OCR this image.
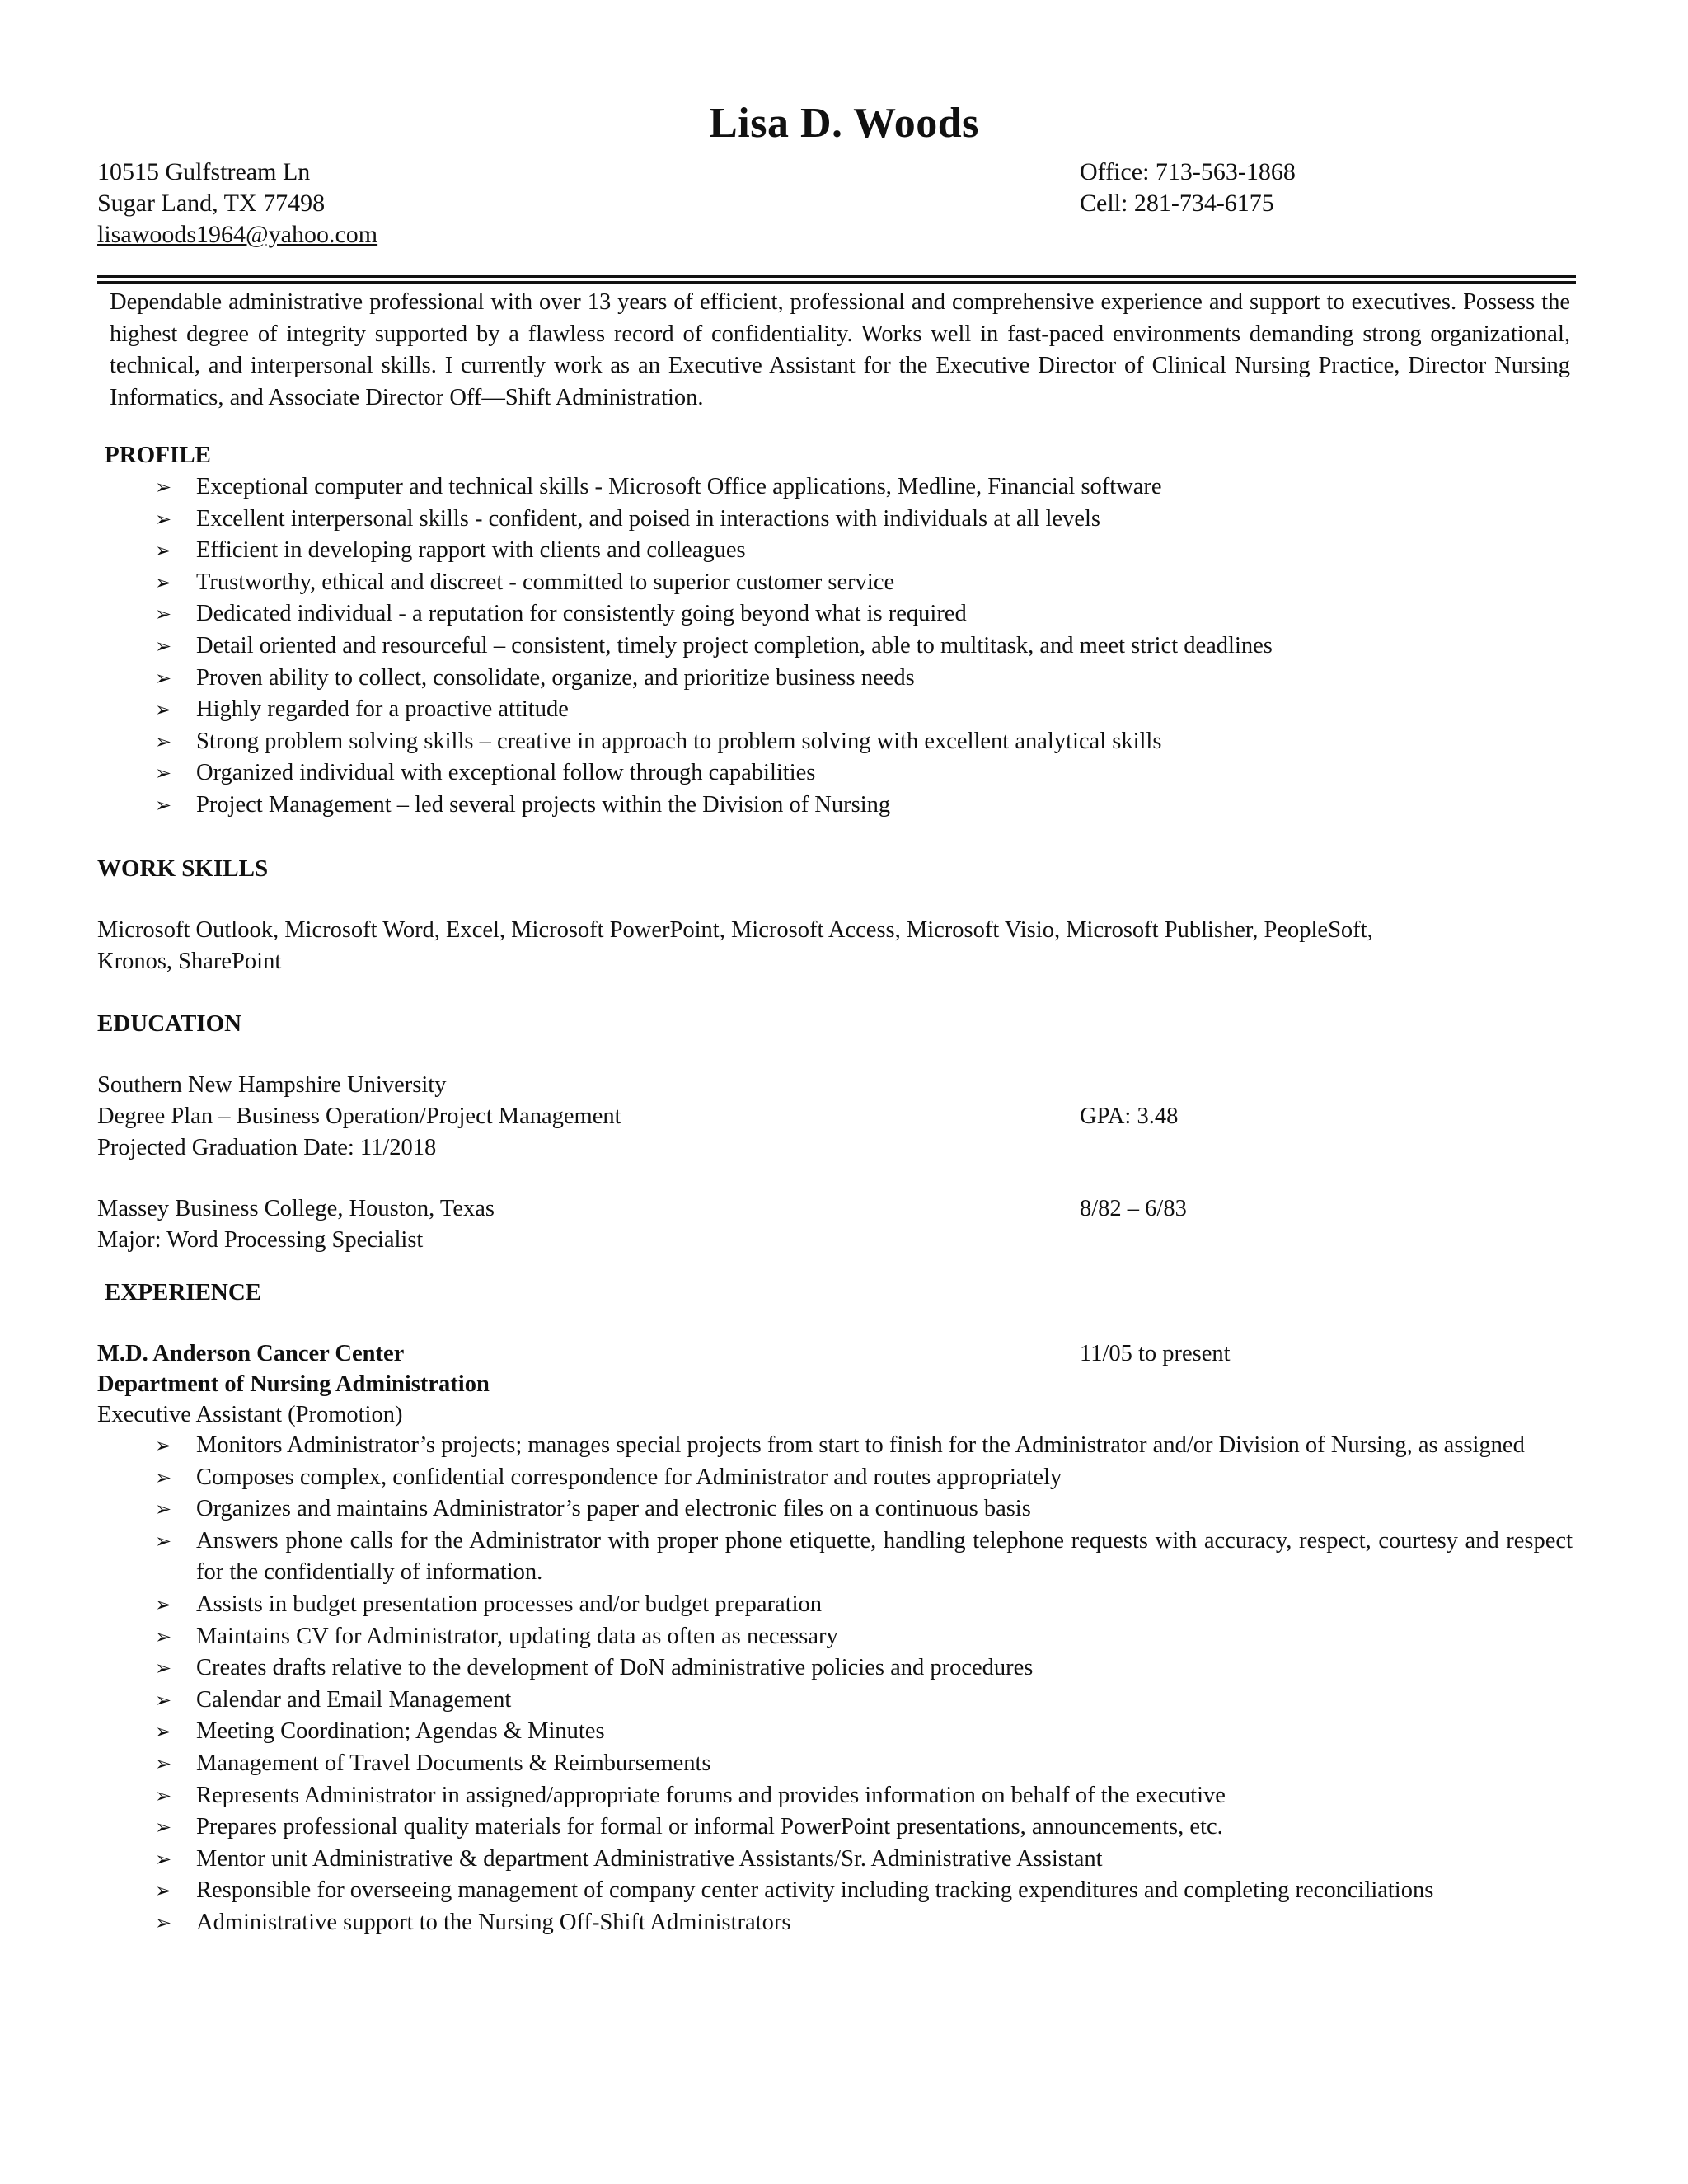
Lisa D. Woods
10515 Gulfstream Ln
Sugar Land, TX 77498
lisawoods1964@yahoo.com
Office: 713-563-1868
Cell: 281-734-6175
Dependable administrative professional with over 13 years of efficient, professional and comprehensive experience and support to executives. Possess the highest degree of integrity supported by a flawless record of confidentiality. Works well in fast-paced environments demanding strong organizational, technical, and interpersonal skills. I currently work as an Executive Assistant for the Executive Director of Clinical Nursing Practice, Director Nursing Informatics, and Associate Director Off—Shift Administration.
PROFILE
➢	Exceptional computer and technical skills - Microsoft Office applications, Medline, Financial software
➢	Excellent interpersonal skills - confident, and poised in interactions with individuals at all levels
➢	Efficient in developing rapport with clients and colleagues
➢	Trustworthy, ethical and discreet - committed to superior customer service
➢	Dedicated individual - a reputation for consistently going beyond what is required
➢	Detail oriented and resourceful – consistent, timely project completion, able to multitask, and meet strict deadlines
➢	Proven ability to collect, consolidate, organize, and prioritize business needs
➢	Highly regarded for a proactive attitude
➢	Strong problem solving skills – creative in approach to problem solving with excellent analytical skills
➢	Organized individual with exceptional follow through capabilities
➢	Project Management – led several projects within the Division of Nursing
WORK SKILLS
Microsoft Outlook, Microsoft Word, Excel, Microsoft PowerPoint, Microsoft Access, Microsoft Visio, Microsoft Publisher, PeopleSoft,
Kronos, SharePoint
EDUCATION
Southern New Hampshire University
Degree Plan – Business Operation/Project Management	GPA: 3.48
Projected Graduation Date: 11/2018
Massey Business College, Houston, Texas	8/82 – 6/83
Major: Word Processing Specialist
EXPERIENCE
M.D. Anderson Cancer Center	11/05 to present
Department of Nursing Administration
Executive Assistant (Promotion)
➢	Monitors Administrator’s projects; manages special projects from start to finish for the Administrator and/or Division of Nursing, as assigned
➢	Composes complex, confidential correspondence for Administrator and routes appropriately
➢	Organizes and maintains Administrator’s paper and electronic files on a continuous basis
➢	Answers phone calls for the Administrator with proper phone etiquette, handling telephone requests with accuracy, respect, courtesy and respect for the confidentially of information.
➢	Assists in budget presentation processes and/or budget preparation
➢	Maintains CV for Administrator, updating data as often as necessary
➢	Creates drafts relative to the development of DoN administrative policies and procedures
➢	Calendar and Email Management
➢	Meeting Coordination; Agendas & Minutes
➢	Management of Travel Documents & Reimbursements
➢	Represents Administrator in assigned/appropriate forums and provides information on behalf of the executive
➢	Prepares professional quality materials for formal or informal PowerPoint presentations, announcements, etc.
➢	Mentor unit Administrative & department Administrative Assistants/Sr. Administrative Assistant
➢	Responsible for overseeing management of company center activity including tracking expenditures and completing reconciliations
➢	Administrative support to the Nursing Off-Shift Administrators
